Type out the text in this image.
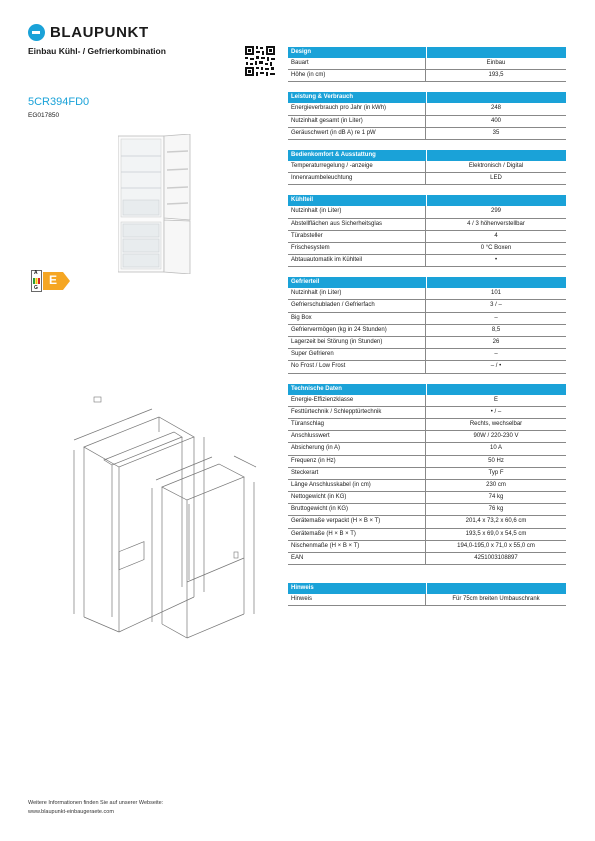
BLAUPUNKT
Einbau Kühl- / Gefrierkombination
5CR394FD0
EG017850
A
G
E
Design
Bauart	Einbau
Höhe (in cm)	193,5
Leistung & Verbrauch
Energieverbrauch pro Jahr (in kWh)	248
Nutzinhalt gesamt (in Liter)	400
Geräuschwert (in dB A) re 1 pW	35
Bedienkomfort & Ausstattung
Temperaturregelung / -anzeige	Elektronisch / Digital
Innenraumbeleuchtung	LED
Kühlteil
Nutzinhalt (in Liter)	299
Abstellflächen aus Sicherheitsglas	4 / 3 höhenverstellbar
Türabsteller	4
Frischesystem	0 °C Boxen
Abtauautomatik im Kühlteil	•
Gefrierteil
Nutzinhalt (in Liter)	101
Gefrierschubladen / Gefrierfach	3 / –
Big Box	–
Gefriervermögen (kg in 24 Stunden)	8,5
Lagerzeit bei Störung (in Stunden)	26
Super Gefrieren	–
No Frost / Low Frost	– / •
Technische Daten
Energie-Effizienzklasse	E
Festtürtechnik / Schlepptürtechnik	• / –
Türanschlag	Rechts, wechselbar
Anschlusswert	90W / 220-230 V
Absicherung (in A)	10 A
Frequenz (in Hz)	50 Hz
Steckerart	Typ F
Länge Anschlusskabel (in cm)	230 cm
Nettogewicht (in KG)	74 kg
Bruttogewicht (in KG)	76 kg
Gerätemaße verpackt (H × B × T)	201,4 x 73,2 x 60,6 cm
Gerätemaße (H × B × T)	193,5 x 69,0 x 54,5 cm
Nischenmaße (H × B × T)	194,0-195,0 x 71,0 x 55,0 cm
EAN	4251003108897
Hinweis
Hinweis	Für 75cm breiten Umbauschrank
Weitere Informationen finden Sie auf unserer Webseite:
www.blaupunkt-einbaugeraete.com
